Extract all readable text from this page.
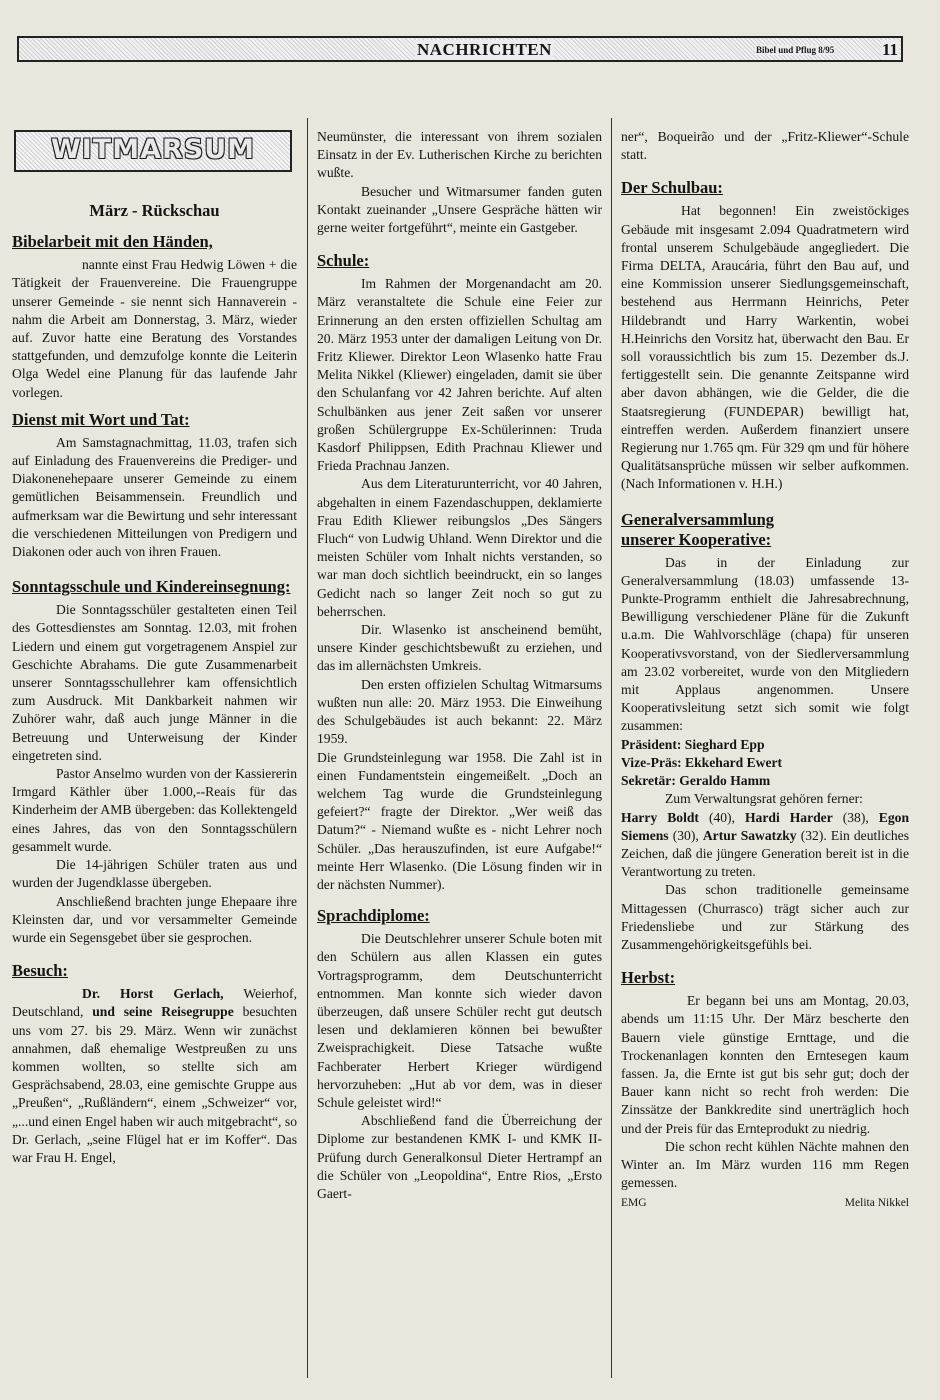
NACHRICHTEN	Bibel und Pflug 8/95	11
WITMARSUM
März - Rückschau
Bibelarbeit mit den Händen,

nannte einst Frau Hedwig Löwen + die Tätigkeit der Frauenvereine. Die Frauengruppe unserer Gemeinde - sie nennt sich Hannaverein - nahm die Arbeit am Donnerstag, 3. März, wieder auf. Zuvor hatte eine Beratung des Vorstandes stattgefunden, und demzufolge konnte die Leiterin Olga Wedel eine Planung für das laufende Jahr vorlegen.

Dienst mit Wort und Tat:

Am Samstagnachmittag, 11.03, trafen sich auf Einladung des Frauenvereins die Prediger- und Diakonenehepaare unserer Gemeinde zu einem gemütlichen Beisammensein. Freundlich und aufmerksam war die Bewirtung und sehr interessant die verschiedenen Mitteilungen von Predigern und Diakonen oder auch von ihren Frauen.

Sonntagsschule und Kindereinsegnung:

Die Sonntagsschüler gestalteten einen Teil des Gottesdienstes am Sonntag. 12.03, mit frohen Liedern und einem gut vorgetragenem Anspiel zur Geschichte Abrahams. Die gute Zusammenarbeit unserer Sonntagsschullehrer kam offensichtlich zum Ausdruck. Mit Dankbarkeit nahmen wir Zuhörer wahr, daß auch junge Männer in die Betreuung und Unterweisung der Kinder eingetreten sind.

Pastor Anselmo wurden von der Kassiererin Irmgard Käthler über 1.000,--Reais für das Kinderheim der AMB übergeben: das Kollektengeld eines Jahres, das von den Sonntagsschülern gesammelt wurde.

Die 14-jährigen Schüler traten aus und wurden der Jugendklasse übergeben.

Anschließend brachten junge Ehepaare ihre Kleinsten dar, und vor versammelter Gemeinde wurde ein Segensgebet über sie gesprochen.

Besuch:

Dr. Horst Gerlach, Weierhof, Deutschland, und seine Reisegruppe besuchten uns vom 27. bis 29. März. Wenn wir zunächst annahmen, daß ehemalige Westpreußen zu uns kommen wollten, so stellte sich am Gesprächsabend, 28.03, eine gemischte Gruppe aus „Preußen“, „Rußländern“, einem „Schweizer“ vor, „...und einen Engel haben wir auch mitgebracht“, so Dr. Gerlach, „seine Flügel hat er im Koffer“. Das war Frau H. Engel,

Neumünster, die interessant von ihrem sozialen Einsatz in der Ev. Lutherischen Kirche zu berichten wußte.

Besucher und Witmarsumer fanden guten Kontakt zueinander „Unsere Gespräche hätten wir gerne weiter fortgeführt“, meinte ein Gastgeber.

Schule:

Im Rahmen der Morgenandacht am 20. März veranstaltete die Schule eine Feier zur Erinnerung an den ersten offiziellen Schultag am 20. März 1953 unter der damaligen Leitung von Dr. Fritz Kliewer. Direktor Leon Wlasenko hatte Frau Melita Nikkel (Kliewer) eingeladen, damit sie über den Schulanfang vor 42 Jahren berichte. Auf alten Schulbänken aus jener Zeit saßen vor unserer großen Schülergruppe Ex-Schülerinnen: Truda Kasdorf Philippsen, Edith Prachnau Kliewer und Frieda Prachnau Janzen.

Aus dem Literaturunterricht, vor 40 Jahren, abgehalten in einem Fazendaschuppen, deklamierte Frau Edith Kliewer reibungslos „Des Sängers Fluch“ von Ludwig Uhland. Wenn Direktor und die meisten Schüler vom Inhalt nichts verstanden, so war man doch sichtlich beeindruckt, ein so langes Gedicht nach so langer Zeit noch so gut zu beherrschen.

Dir. Wlasenko ist anscheinend bemüht, unsere Kinder geschichtsbewußt zu erziehen, und das im allernächsten Umkreis.

Den ersten offizielen Schultag Witmarsums wußten nun alle: 20. März 1953. Die Einweihung des Schulgebäudes ist auch bekannt: 22. März 1959.

Die Grundsteinlegung war 1958. Die Zahl ist in einen Fundamentstein eingemeißelt. „Doch an welchem Tag wurde die Grundsteinlegung gefeiert?“ fragte der Direktor. „Wer weiß das Datum?“ - Niemand wußte es - nicht Lehrer noch Schüler. „Das herauszufinden, ist eure Aufgabe!“ meinte Herr Wlasenko. (Die Lösung finden wir in der nächsten Nummer).

Sprachdiplome:

Die Deutschlehrer unserer Schule boten mit den Schülern aus allen Klassen ein gutes Vortragsprogramm, dem Deutschunterricht entnommen. Man konnte sich wieder davon überzeugen, daß unsere Schüler recht gut deutsch lesen und deklamieren können bei bewußter Zweisprachigkeit. Diese Tatsache wußte Fachberater Herbert Krieger würdigend hervorzuheben: „Hut ab vor dem, was in dieser Schule geleistet wird!“

Abschließend fand die Überreichung der Diplome zur bestandenen KMK I- und KMK II- Prüfung durch Generalkonsul Dieter Hertrampf an die Schüler von „Leopoldina“, Entre Rios, „Ersto Gaert-

ner“, Boqueirão und der „Fritz-Kliewer“-Schule statt.

Der Schulbau:

Hat begonnen! Ein zweistöckiges Gebäude mit insgesamt 2.094 Quadratmetern wird frontal unserem Schulgebäude angegliedert. Die Firma DELTA, Araucária, führt den Bau auf, und eine Kommission unserer Siedlungsgemeinschaft, bestehend aus Herrmann Heinrichs, Peter Hildebrandt und Harry Warkentin, wobei H.Heinrichs den Vorsitz hat, überwacht den Bau. Er soll voraussichtlich bis zum 15. Dezember ds.J. fertiggestellt sein. Die genannte Zeitspanne wird aber davon abhängen, wie die Gelder, die die Staatsregierung (FUNDEPAR) bewilligt hat, eintreffen werden. Außerdem finanziert unsere Regierung nur 1.765 qm. Für 329 qm und für höhere Qualitätsansprüche müssen wir selber aufkommen. (Nach Informationen v. H.H.)

Generalversammlung
unserer Kooperative:

Das in der Einladung zur Generalversammlung (18.03) umfassende 13-Punkte-Programm enthielt die Jahresabrechnung, Bewilligung verschiedener Pläne für die Zukunft u.a.m. Die Wahlvorschläge (chapa) für unseren Kooperativsvorstand, von der Siedlerversammlung am 23.02 vorbereitet, wurde von den Mitgliedern mit Applaus angenommen. Unsere Kooperativsleitung setzt sich somit wie folgt zusammen:

Präsident: Sieghard Epp
Vize-Präs: Ekkehard Ewert
Sekretär: Geraldo Hamm

Zum Verwaltungsrat gehören ferner:

Harry Boldt (40), Hardi Harder (38), Egon Siemens (30), Artur Sawatzky (32). Ein deutliches Zeichen, daß die jüngere Generation bereit ist in die Verantwortung zu treten.

Das schon traditionelle gemeinsame Mittagessen (Churrasco) trägt sicher auch zur Friedensliebe und zur Stärkung des Zusammengehörigkeitsgefühls bei.

Herbst:

Er begann bei uns am Montag, 20.03, abends um 11:15 Uhr. Der März bescherte den Bauern viele günstige Ernttage, und die Trockenanlagen konnten den Erntesegen kaum fassen. Ja, die Ernte ist gut bis sehr gut; doch der Bauer kann nicht so recht froh werden: Die Zinssätze der Bankkredite sind unerträglich hoch und der Preis für das Ernteprodukt zu niedrig.

Die schon recht kühlen Nächte mahnen den Winter an. Im März wurden 116 mm Regen gemessen.

EMG	Melita Nikkel
